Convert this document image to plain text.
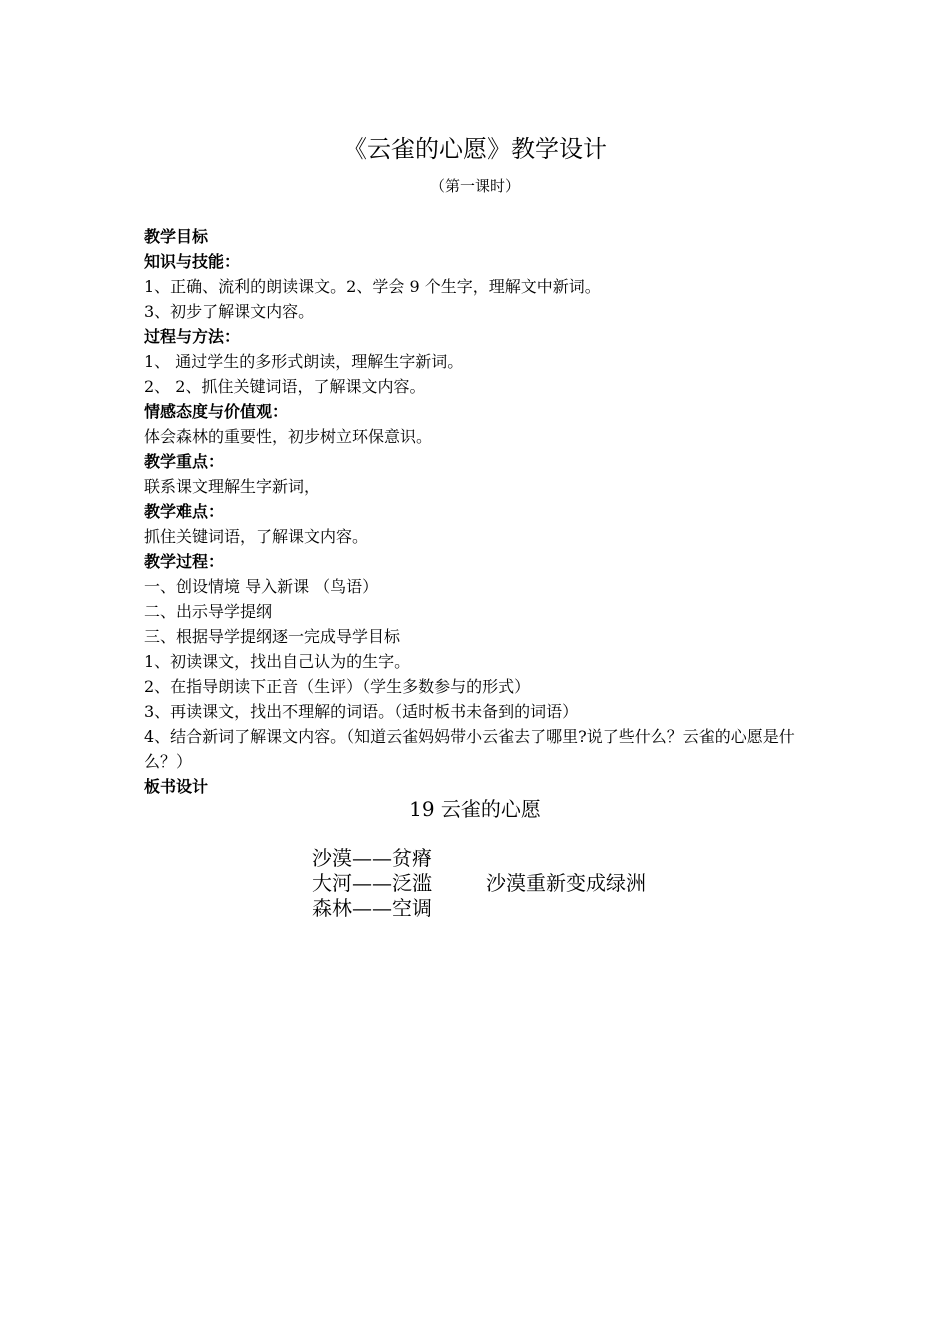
《云雀的心愿》教学设计
（第一课时）
教学目标
知识与技能：
1、正确、流利的朗读课文。2、学会 9 个生字，理解文中新词。
3、初步了解课文内容。
过程与方法：
1、 通过学生的多形式朗读，理解生字新词。
2、 2、抓住关键词语，了解课文内容。
情感态度与价值观：
体会森林的重要性，初步树立环保意识。
教学重点：
联系课文理解生字新词，
教学难点：
抓住关键词语，了解课文内容。
教学过程：
一、创设情境 导入新课 （鸟语）
二、出示导学提纲
三、根据导学提纲逐一完成导学目标
1、初读课文，找出自己认为的生字。
2、在指导朗读下正音（生评）（学生多数参与的形式）
3、再读课文，找出不理解的词语。（适时板书未备到的词语）
4、结合新词了解课文内容。（知道云雀妈妈带小云雀去了哪里?说了些什么？云雀的心愿是什么？）
板书设计
19 云雀的心愿
沙漠——贫瘠
大河——泛滥
森林——空调
沙漠重新变成绿洲
